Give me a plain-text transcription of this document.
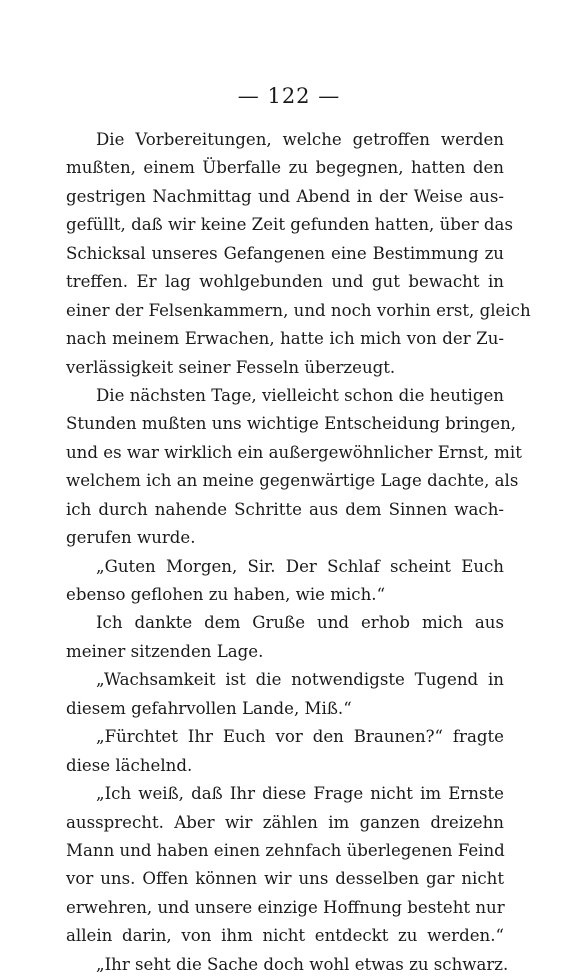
— 122 —
Die Vorbereitungen, welche getroffen werden
mußten, einem Überfalle zu begegnen, hatten den
gestrigen Nachmittag und Abend in der Weise aus-
gefüllt, daß wir keine Zeit gefunden hatten, über das
Schicksal unseres Gefangenen eine Bestimmung zu
treffen. Er lag wohlgebunden und gut bewacht in
einer der Felsenkammern, und noch vorhin erst, gleich
nach meinem Erwachen, hatte ich mich von der Zu-
verlässigkeit seiner Fesseln überzeugt.
Die nächsten Tage, vielleicht schon die heutigen
Stunden mußten uns wichtige Entscheidung bringen,
und es war wirklich ein außergewöhnlicher Ernst, mit
welchem ich an meine gegenwärtige Lage dachte, als
ich durch nahende Schritte aus dem Sinnen wach-
gerufen wurde.
„Guten Morgen, Sir. Der Schlaf scheint Euch
ebenso geflohen zu haben, wie mich.“
Ich dankte dem Gruße und erhob mich aus
meiner sitzenden Lage.
„Wachsamkeit ist die notwendigste Tugend in
diesem gefahrvollen Lande, Miß.“
„Fürchtet Ihr Euch vor den Braunen?“ fragte
diese lächelnd.
„Ich weiß, daß Ihr diese Frage nicht im Ernste
aussprecht. Aber wir zählen im ganzen dreizehn
Mann und haben einen zehnfach überlegenen Feind
vor uns. Offen können wir uns desselben gar nicht
erwehren, und unsere einzige Hoffnung besteht nur
allein darin, von ihm nicht entdeckt zu werden.“
„Ihr seht die Sache doch wohl etwas zu schwarz.
